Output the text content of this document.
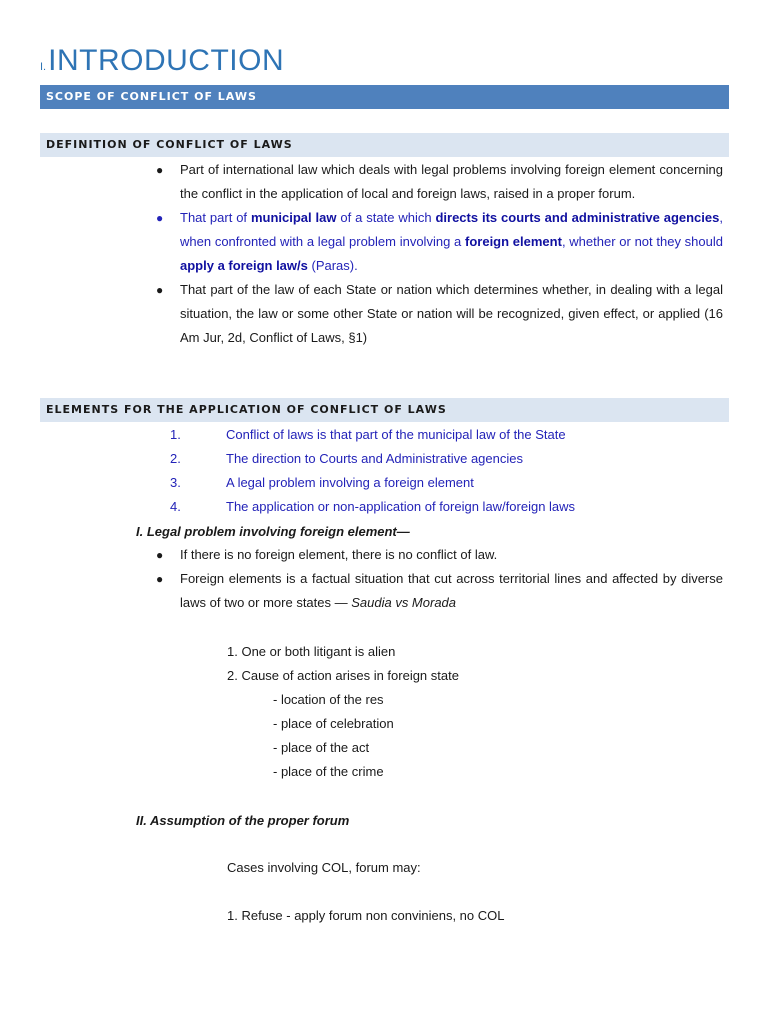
I.INTRODUCTION
SCOPE OF CONFLICT OF LAWS
DEFINITION OF CONFLICT OF LAWS
● Part of international law which deals with legal problems involving foreign element concerning the conflict in the application of local and foreign laws, raised in a proper forum.
● That part of municipal law of a state which directs its courts and administrative agencies, when confronted with a legal problem involving a foreign element, whether or not they should apply a foreign law/s (Paras).
● That part of the law of each State or nation which determines whether, in dealing with a legal situation, the law or some other State or nation will be recognized, given effect, or applied (16 Am Jur, 2d, Conflict of Laws, §1)
ELEMENTS FOR THE APPLICATION OF CONFLICT OF LAWS
1.	Conflict of laws is that part of the municipal law of the State
2.	The direction to Courts and Administrative agencies
3.	A legal problem involving a foreign element
4.	The application or non-application of foreign law/foreign laws
I. Legal problem involving foreign element—
● If there is no foreign element, there is no conflict of law.
● Foreign elements is a factual situation that cut across territorial lines and affected by diverse laws of two or more states — Saudia vs Morada
1. One or both litigant is alien
2. Cause of action arises in foreign state
- location of the res
- place of celebration
- place of the act
- place of the crime
II. Assumption of the proper forum
Cases involving COL, forum may:
1. Refuse - apply forum non conviniens, no COL
